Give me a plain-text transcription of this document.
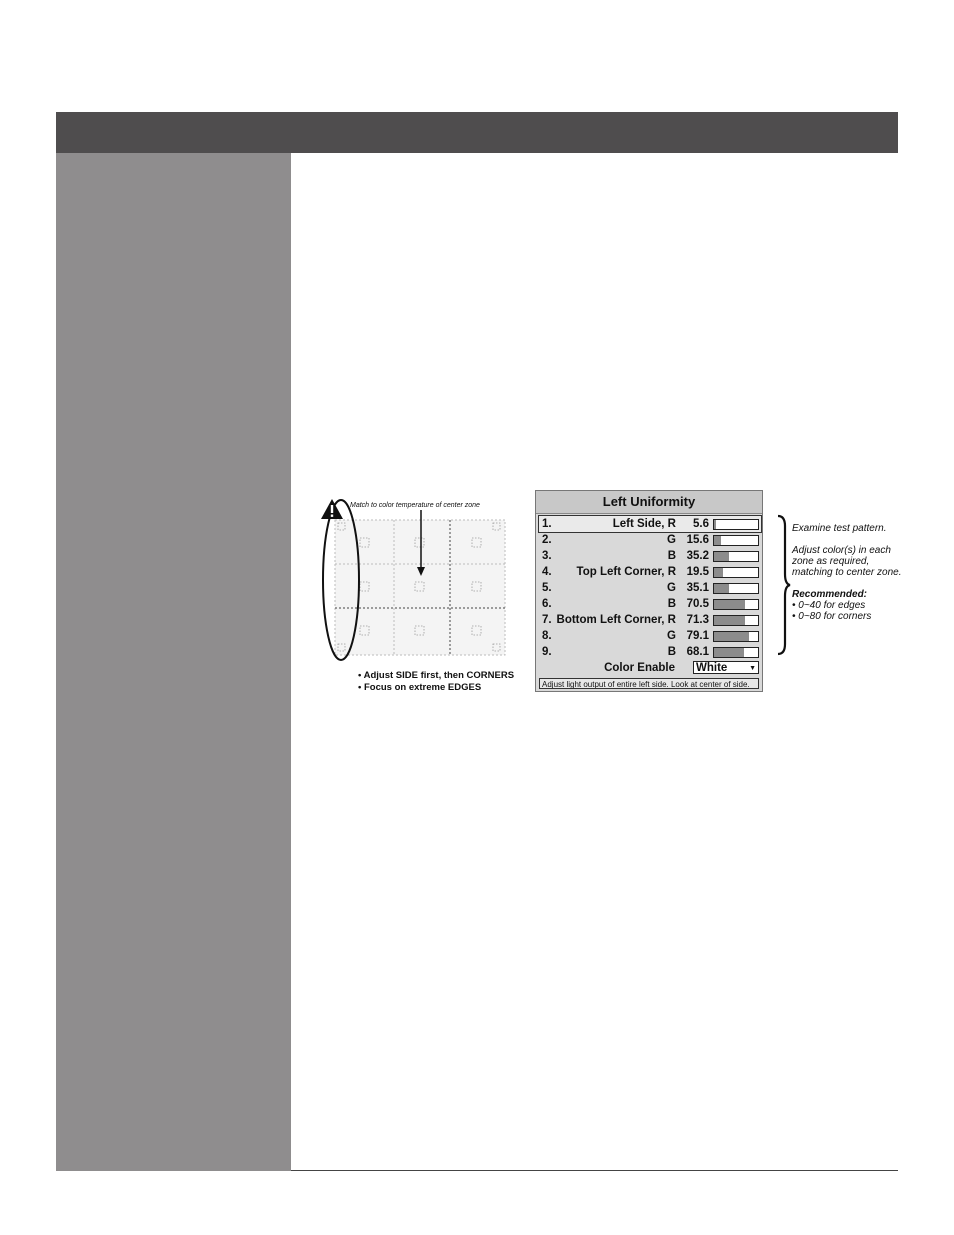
Match to color temperature of center zone
• Adjust SIDE first, then CORNERS
• Focus on extreme EDGES
Left Uniformity
1.	Left Side, R 5.6
2.	G 15.6
3.	B 35.2
4. Top Left Corner, R 19.5
5.	G 35.1
6.	B 70.5
7. Bottom Left Corner, R 71.3
8.	G 79.1
9.	B 68.1
Color Enable White	▼
Adjust light output of entire left side. Look at center of side.

Examine test pattern.

Adjust color(s) in each zone as required, matching to center zone.

Recommended:
• 0~40 for edges
• 0~80 for corners
